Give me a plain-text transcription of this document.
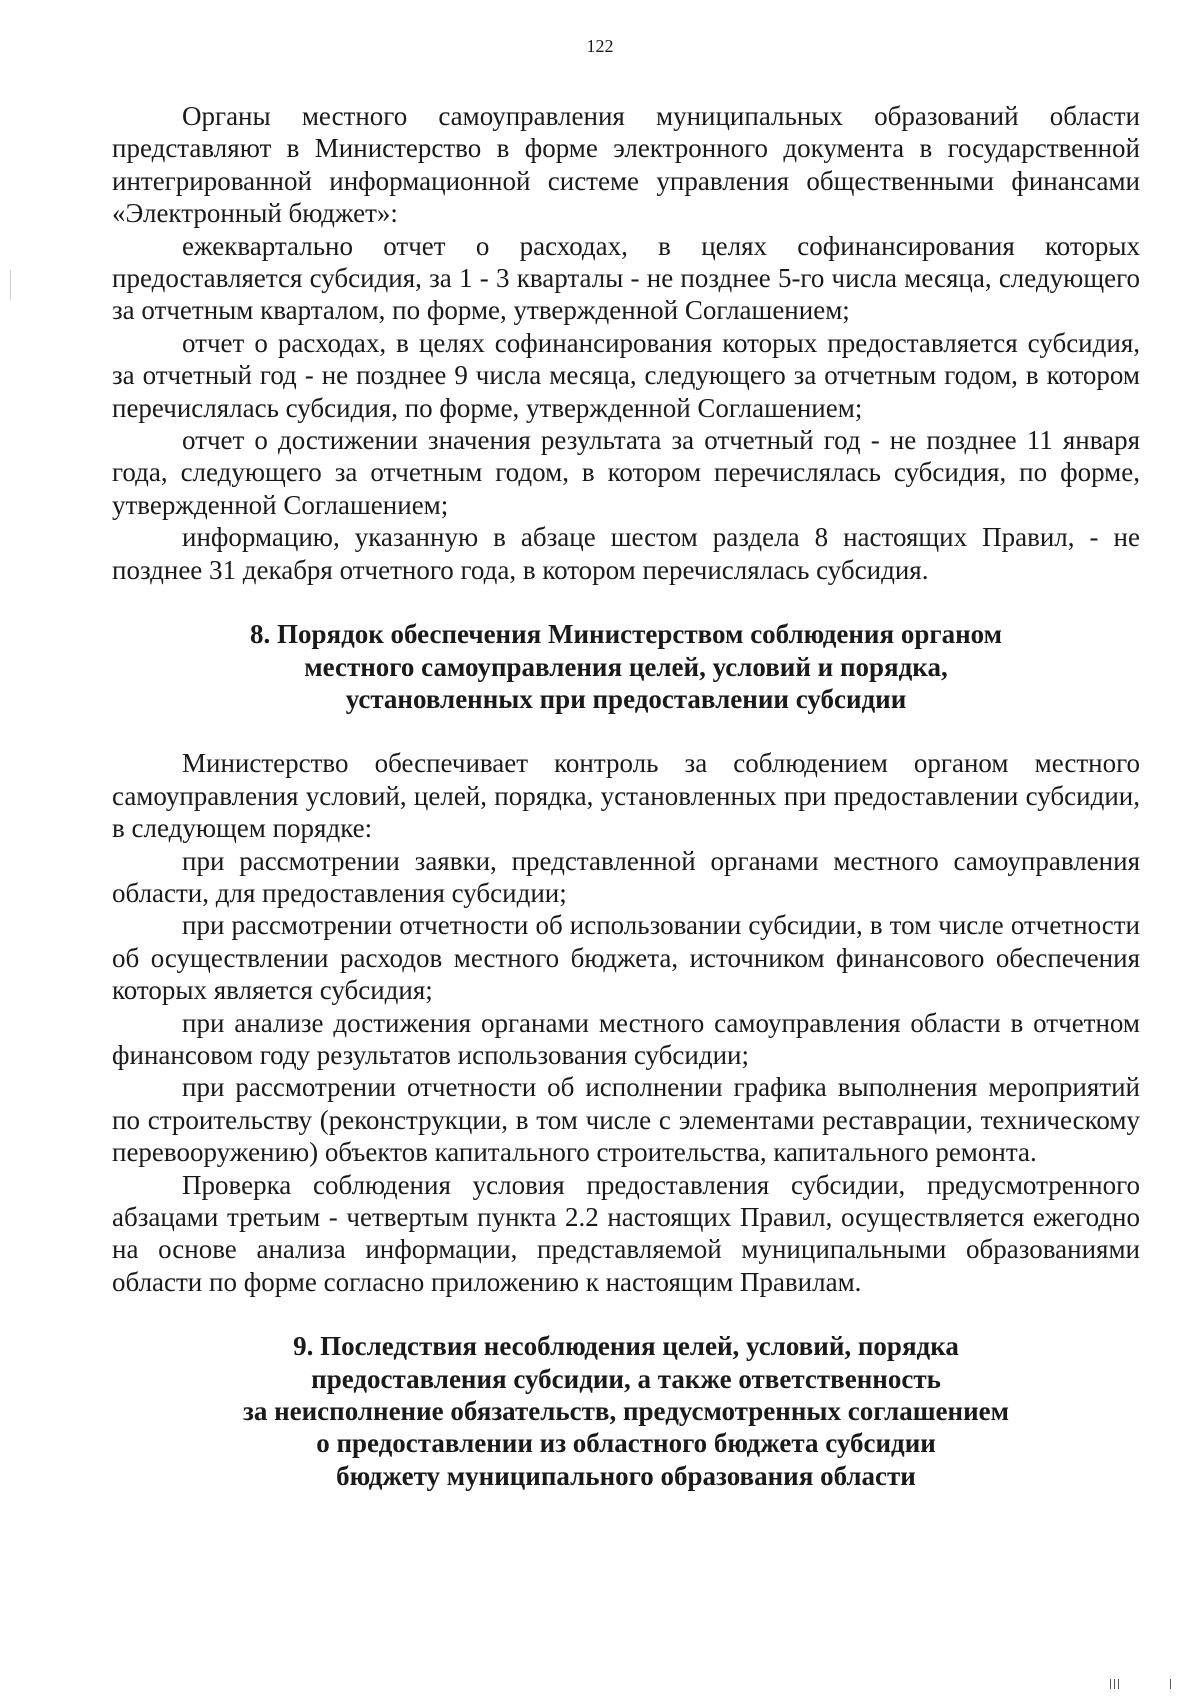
122

Органы местного самоуправления муниципальных образований области представляют в Министерство в форме электронного документа в государственной интегрированной информационной системе управления общественными финансами «Электронный бюджет»:

ежеквартально отчет о расходах, в целях софинансирования которых предоставляется субсидия, за 1 - 3 кварталы - не позднее 5-го числа месяца, следующего за отчетным кварталом, по форме, утвержденной Соглашением;

отчет о расходах, в целях софинансирования которых предоставляется субсидия, за отчетный год - не позднее 9 числа месяца, следующего за отчетным годом, в котором перечислялась субсидия, по форме, утвержденной Соглашением;

отчет о достижении значения результата за отчетный год - не позднее 11 января года, следующего за отчетным годом, в котором перечислялась субсидия, по форме, утвержденной Соглашением;

информацию, указанную в абзаце шестом раздела 8 настоящих Правил, - не позднее 31 декабря отчетного года, в котором перечислялась субсидия.

8. Порядок обеспечения Министерством соблюдения органом
местного самоуправления целей, условий и порядка,
установленных при предоставлении субсидии

Министерство обеспечивает контроль за соблюдением органом местного самоуправления условий, целей, порядка, установленных при предоставлении субсидии, в следующем порядке:

при рассмотрении заявки, представленной органами местного самоуправления области, для предоставления субсидии;

при рассмотрении отчетности об использовании субсидии, в том числе отчетности об осуществлении расходов местного бюджета, источником финансового обеспечения которых является субсидия;

при анализе достижения органами местного самоуправления области в отчетном финансовом году результатов использования субсидии;

при рассмотрении отчетности об исполнении графика выполнения мероприятий по строительству (реконструкции, в том числе с элементами реставрации, техническому перевооружению) объектов капитального строительства, капитального ремонта.

Проверка соблюдения условия предоставления субсидии, предусмотренного абзацами третьим - четвертым пункта 2.2 настоящих Правил, осуществляется ежегодно на основе анализа информации, представляемой муниципальными образованиями области по форме согласно приложению к настоящим Правилам.

9. Последствия несоблюдения целей, условий, порядка
предоставления субсидии, а также ответственность
за неисполнение обязательств, предусмотренных соглашением
о предоставлении из областного бюджета субсидии
бюджету муниципального образования области
